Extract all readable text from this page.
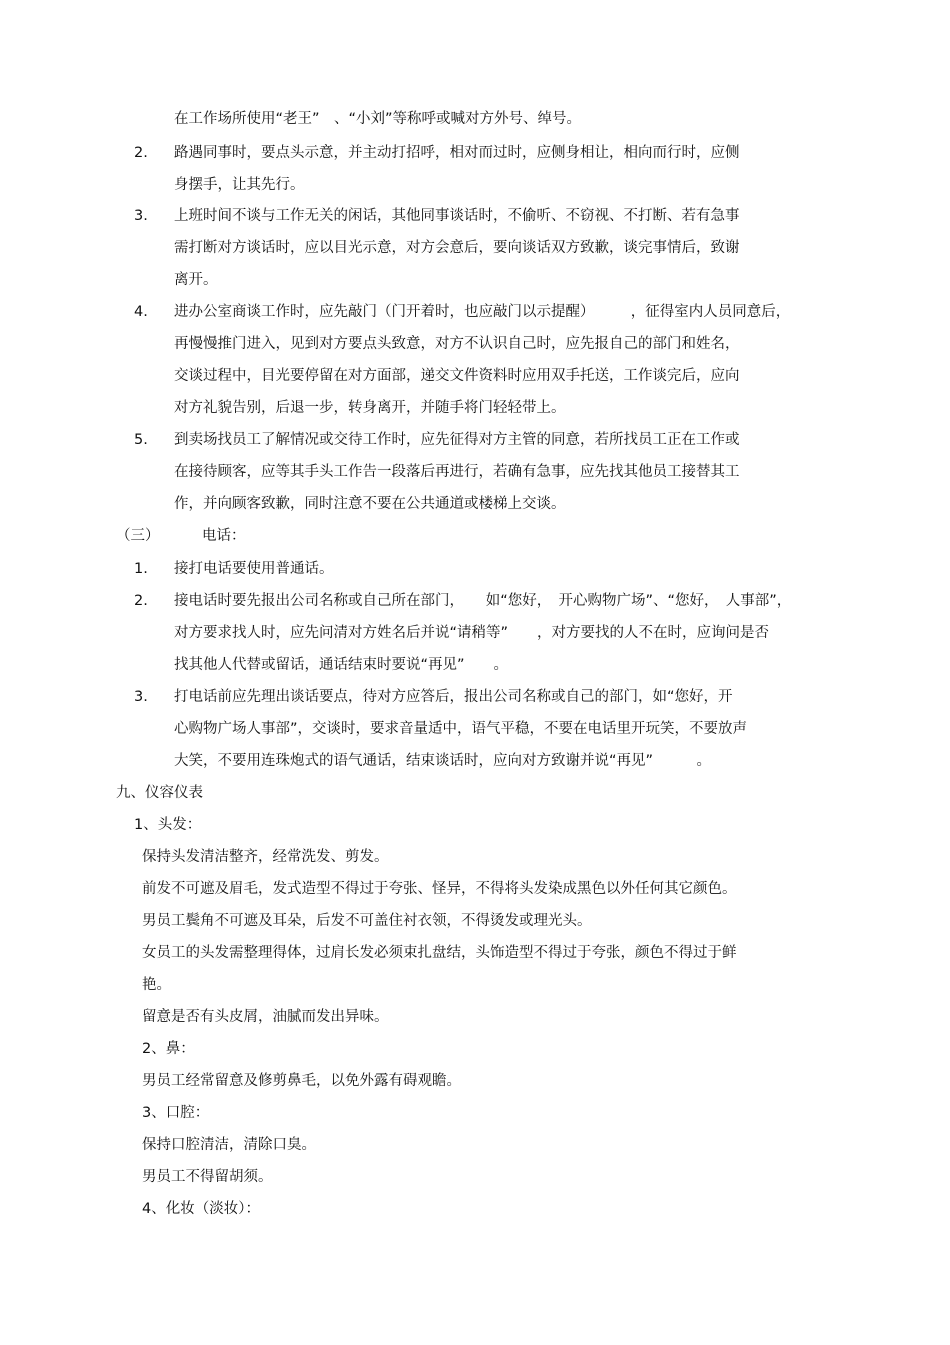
在工作场所使用“老王”　、“小刘”等称呼或喊对方外号、绰号。
2. 路遇同事时，要点头示意，并主动打招呼，相对而过时，应侧身相让，相向而行时，应侧
身摆手，让其先行。
3. 上班时间不谈与工作无关的闲话，其他同事谈话时，不偷听、不窃视、不打断、若有急事
需打断对方谈话时，应以目光示意，对方会意后，要向谈话双方致歉，谈完事情后，致谢
离开。
4. 进办公室商谈工作时，应先敲门（门开着时，也应敲门以示提醒）　　　，征得室内人员同意后，
再慢慢推门进入，见到对方要点头致意，对方不认识自己时，应先报自己的部门和姓名，
交谈过程中，目光要停留在对方面部，递交文件资料时应用双手托送，工作谈完后，应向
对方礼貌告别，后退一步，转身离开，并随手将门轻轻带上。
5. 到卖场找员工了解情况或交待工作时，应先征得对方主管的同意，若所找员工正在工作或
在接待顾客，应等其手头工作告一段落后再进行，若确有急事，应先找其他员工接替其工
作，并向顾客致歉，同时注意不要在公共通道或楼梯上交谈。
（三）	电话：
1. 接打电话要使用普通话。
2. 接电话时要先报出公司名称或自己所在部门，　　如“您好，　开心购物广场”、“您好，　人事部”，
对方要求找人时，应先问清对方姓名后并说“请稍等”　　，对方要找的人不在时，应询问是否
找其他人代替或留话，通话结束时要说“再见”　　。
3. 打电话前应先理出谈话要点，待对方应答后，报出公司名称或自己的部门，如“您好，开
心购物广场人事部”，交谈时，要求音量适中，语气平稳，不要在电话里开玩笑，不要放声
大笑，不要用连珠炮式的语气通话，结束谈话时，应向对方致谢并说“再见”　　　。
九、仪容仪表
1、头发：
保持头发清洁整齐，经常洗发、剪发。
前发不可遮及眉毛，发式造型不得过于夸张、怪异，不得将头发染成黑色以外任何其它颜色。
男员工鬓角不可遮及耳朵，后发不可盖住衬衣领，不得烫发或理光头。
女员工的头发需整理得体，过肩长发必须束扎盘结，头饰造型不得过于夸张，颜色不得过于鲜
艳。
留意是否有头皮屑，油腻而发出异味。
2、鼻：
男员工经常留意及修剪鼻毛，以免外露有碍观瞻。
3、口腔：
保持口腔清洁，清除口臭。
男员工不得留胡须。
4、化妆（淡妆）：
